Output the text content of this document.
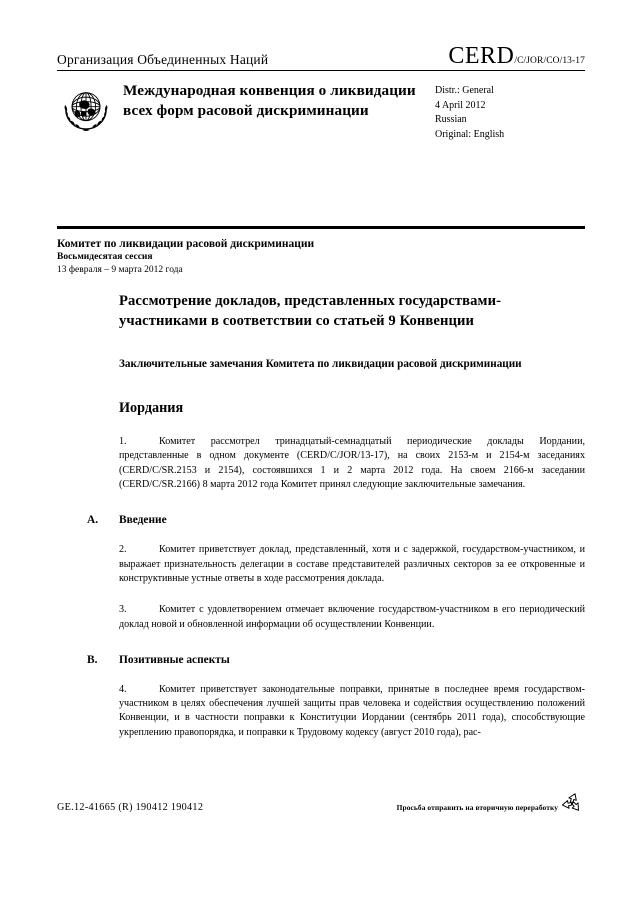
Организация Объединенных Наций	CERD /C/JOR/CO/13-17
Международная конвенция о ликвидации всех форм расовой дискриминации
Distr.: General
4 April 2012
Russian
Original: English
Комитет по ликвидации расовой дискриминации
Восьмидесятая сессия
13 февраля – 9 марта 2012 года
Рассмотрение докладов, представленных государствами-участниками в соответствии со статьей 9 Конвенции
Заключительные замечания Комитета по ликвидации расовой дискриминации
Иордания

1.	Комитет рассмотрел тринадцатый-семнадцатый периодические доклады Иордании, представленные в одном документе (CERD/C/JOR/13-17), на своих 2153-м и 2154-м заседаниях (CERD/C/SR.2153 и 2154), состоявшихся 1 и 2 марта 2012 года. На своем 2166-м заседании (CERD/C/SR.2166) 8 марта 2012 года Комитет принял следующие заключительные замечания.

A.	Введение

2.	Комитет приветствует доклад, представленный, хотя и с задержкой, государством-участником, и выражает признательность делегации в составе представителей различных секторов за ее откровенные и конструктивные устные ответы в ходе рассмотрения доклада.

3.	Комитет с удовлетворением отмечает включение государством-участником в его периодический доклад новой и обновленной информации об осуществлении Конвенции.

B.	Позитивные аспекты

4.	Комитет приветствует законодательные поправки, принятые в последнее время государством-участником в целях обеспечения лучшей защиты прав человека и содействия осуществлению положений Конвенции, и в частности поправки к Конституции Иордании (сентябрь 2011 года), способствующие укреплению правопорядка, и поправки к Трудовому кодексу (август 2010 года), рас-

GE.12-41665 (R) 190412 190412	Просьба отправить на вторичную переработку
